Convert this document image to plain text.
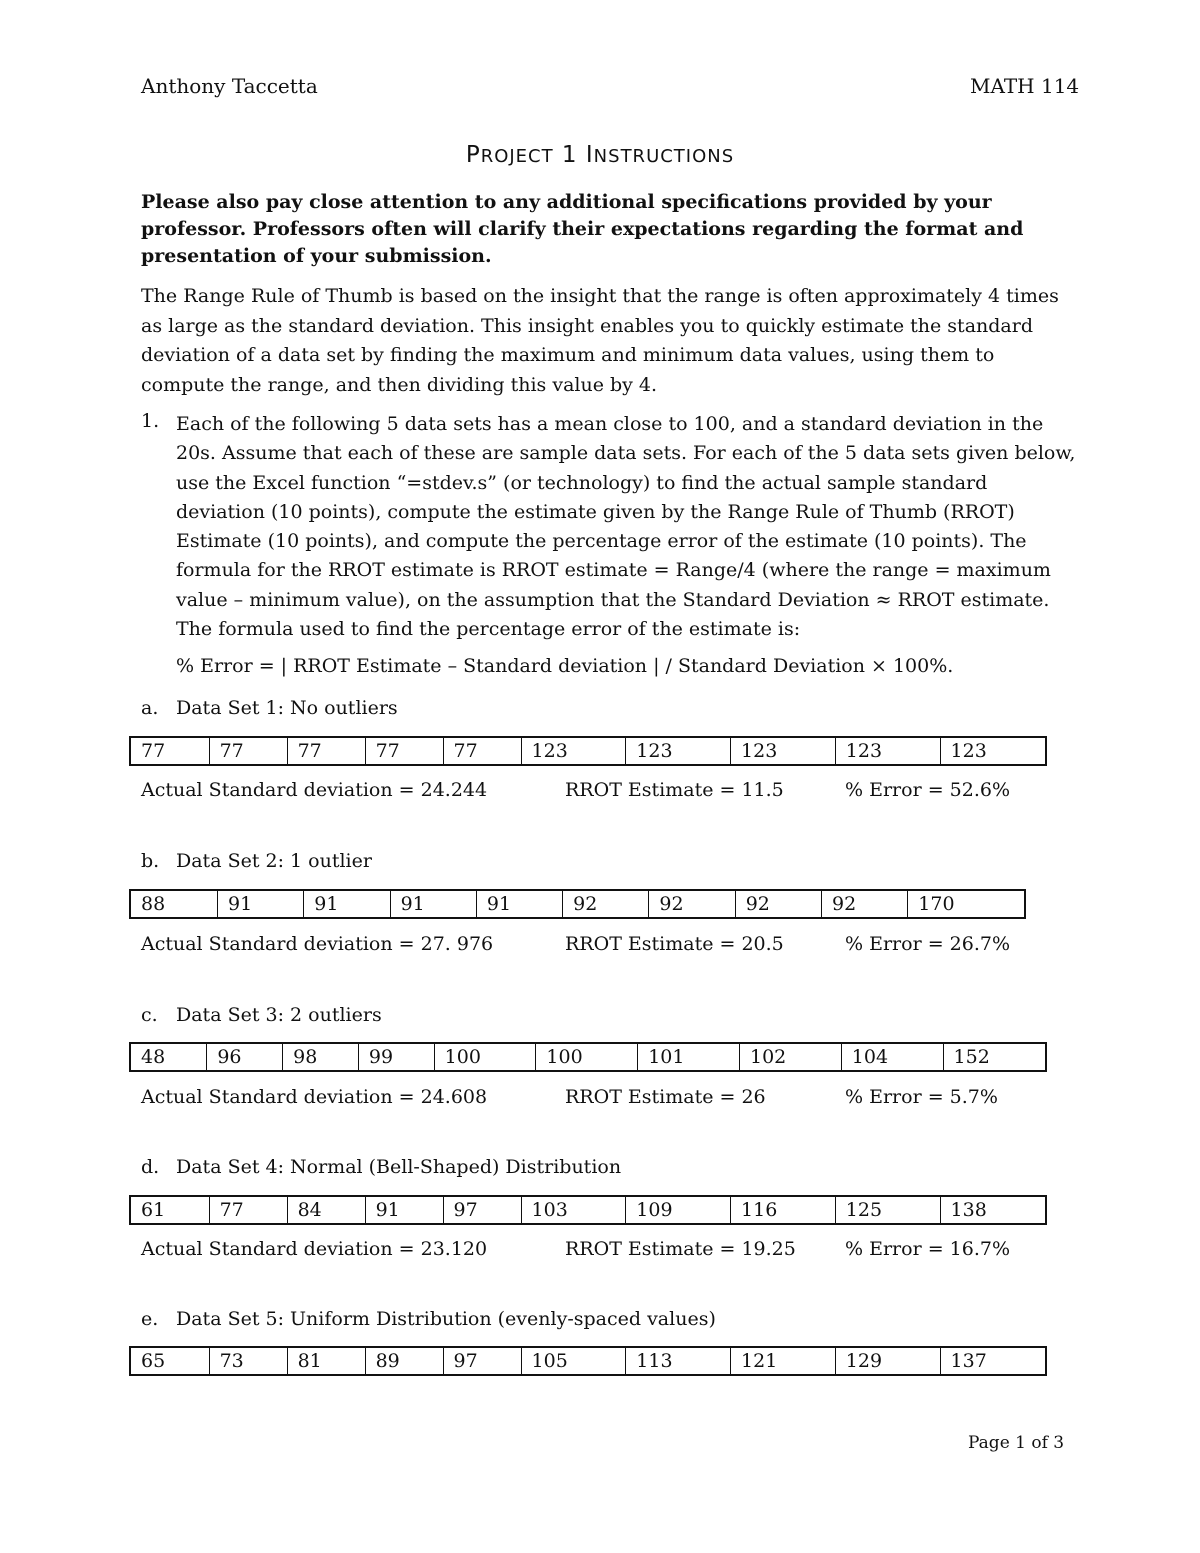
Anthony Taccetta	MATH 114
PROJECT 1 INSTRUCTIONS
Please also pay close attention to any additional specifications provided by your professor. Professors often will clarify their expectations regarding the format and presentation of your submission.
The Range Rule of Thumb is based on the insight that the range is often approximately 4 times as large as the standard deviation. This insight enables you to quickly estimate the standard deviation of a data set by finding the maximum and minimum data values, using them to compute the range, and then dividing this value by 4.
1. Each of the following 5 data sets has a mean close to 100, and a standard deviation in the 20s. Assume that each of these are sample data sets. For each of the 5 data sets given below, use the Excel function “=stdev.s” (or technology) to find the actual sample standard deviation (10 points), compute the estimate given by the Range Rule of Thumb (RROT) Estimate (10 points), and compute the percentage error of the estimate (10 points). The formula for the RROT estimate is RROT estimate = Range/4 (where the range = maximum value – minimum value), on the assumption that the Standard Deviation ≈ RROT estimate. The formula used to find the percentage error of the estimate is:
% Error = | RROT Estimate – Standard deviation | / Standard Deviation × 100%.
a. Data Set 1: No outliers
77	77	77	77	77	123	123	123	123	123
Actual Standard deviation = 24.244	RROT Estimate = 11.5	% Error = 52.6%
b. Data Set 2: 1 outlier
88	91	91	91	91	92	92	92	92	170
Actual Standard deviation = 27. 976	RROT Estimate = 20.5	% Error = 26.7%
c. Data Set 3: 2 outliers
48	96	98	99	100	100	101	102	104	152
Actual Standard deviation = 24.608	RROT Estimate = 26	% Error = 5.7%
d. Data Set 4: Normal (Bell-Shaped) Distribution
61	77	84	91	97	103	109	116	125	138
Actual Standard deviation = 23.120	RROT Estimate = 19.25	% Error = 16.7%
e. Data Set 5: Uniform Distribution (evenly-spaced values)
65	73	81	89	97	105	113	121	129	137
Page 1 of 3
